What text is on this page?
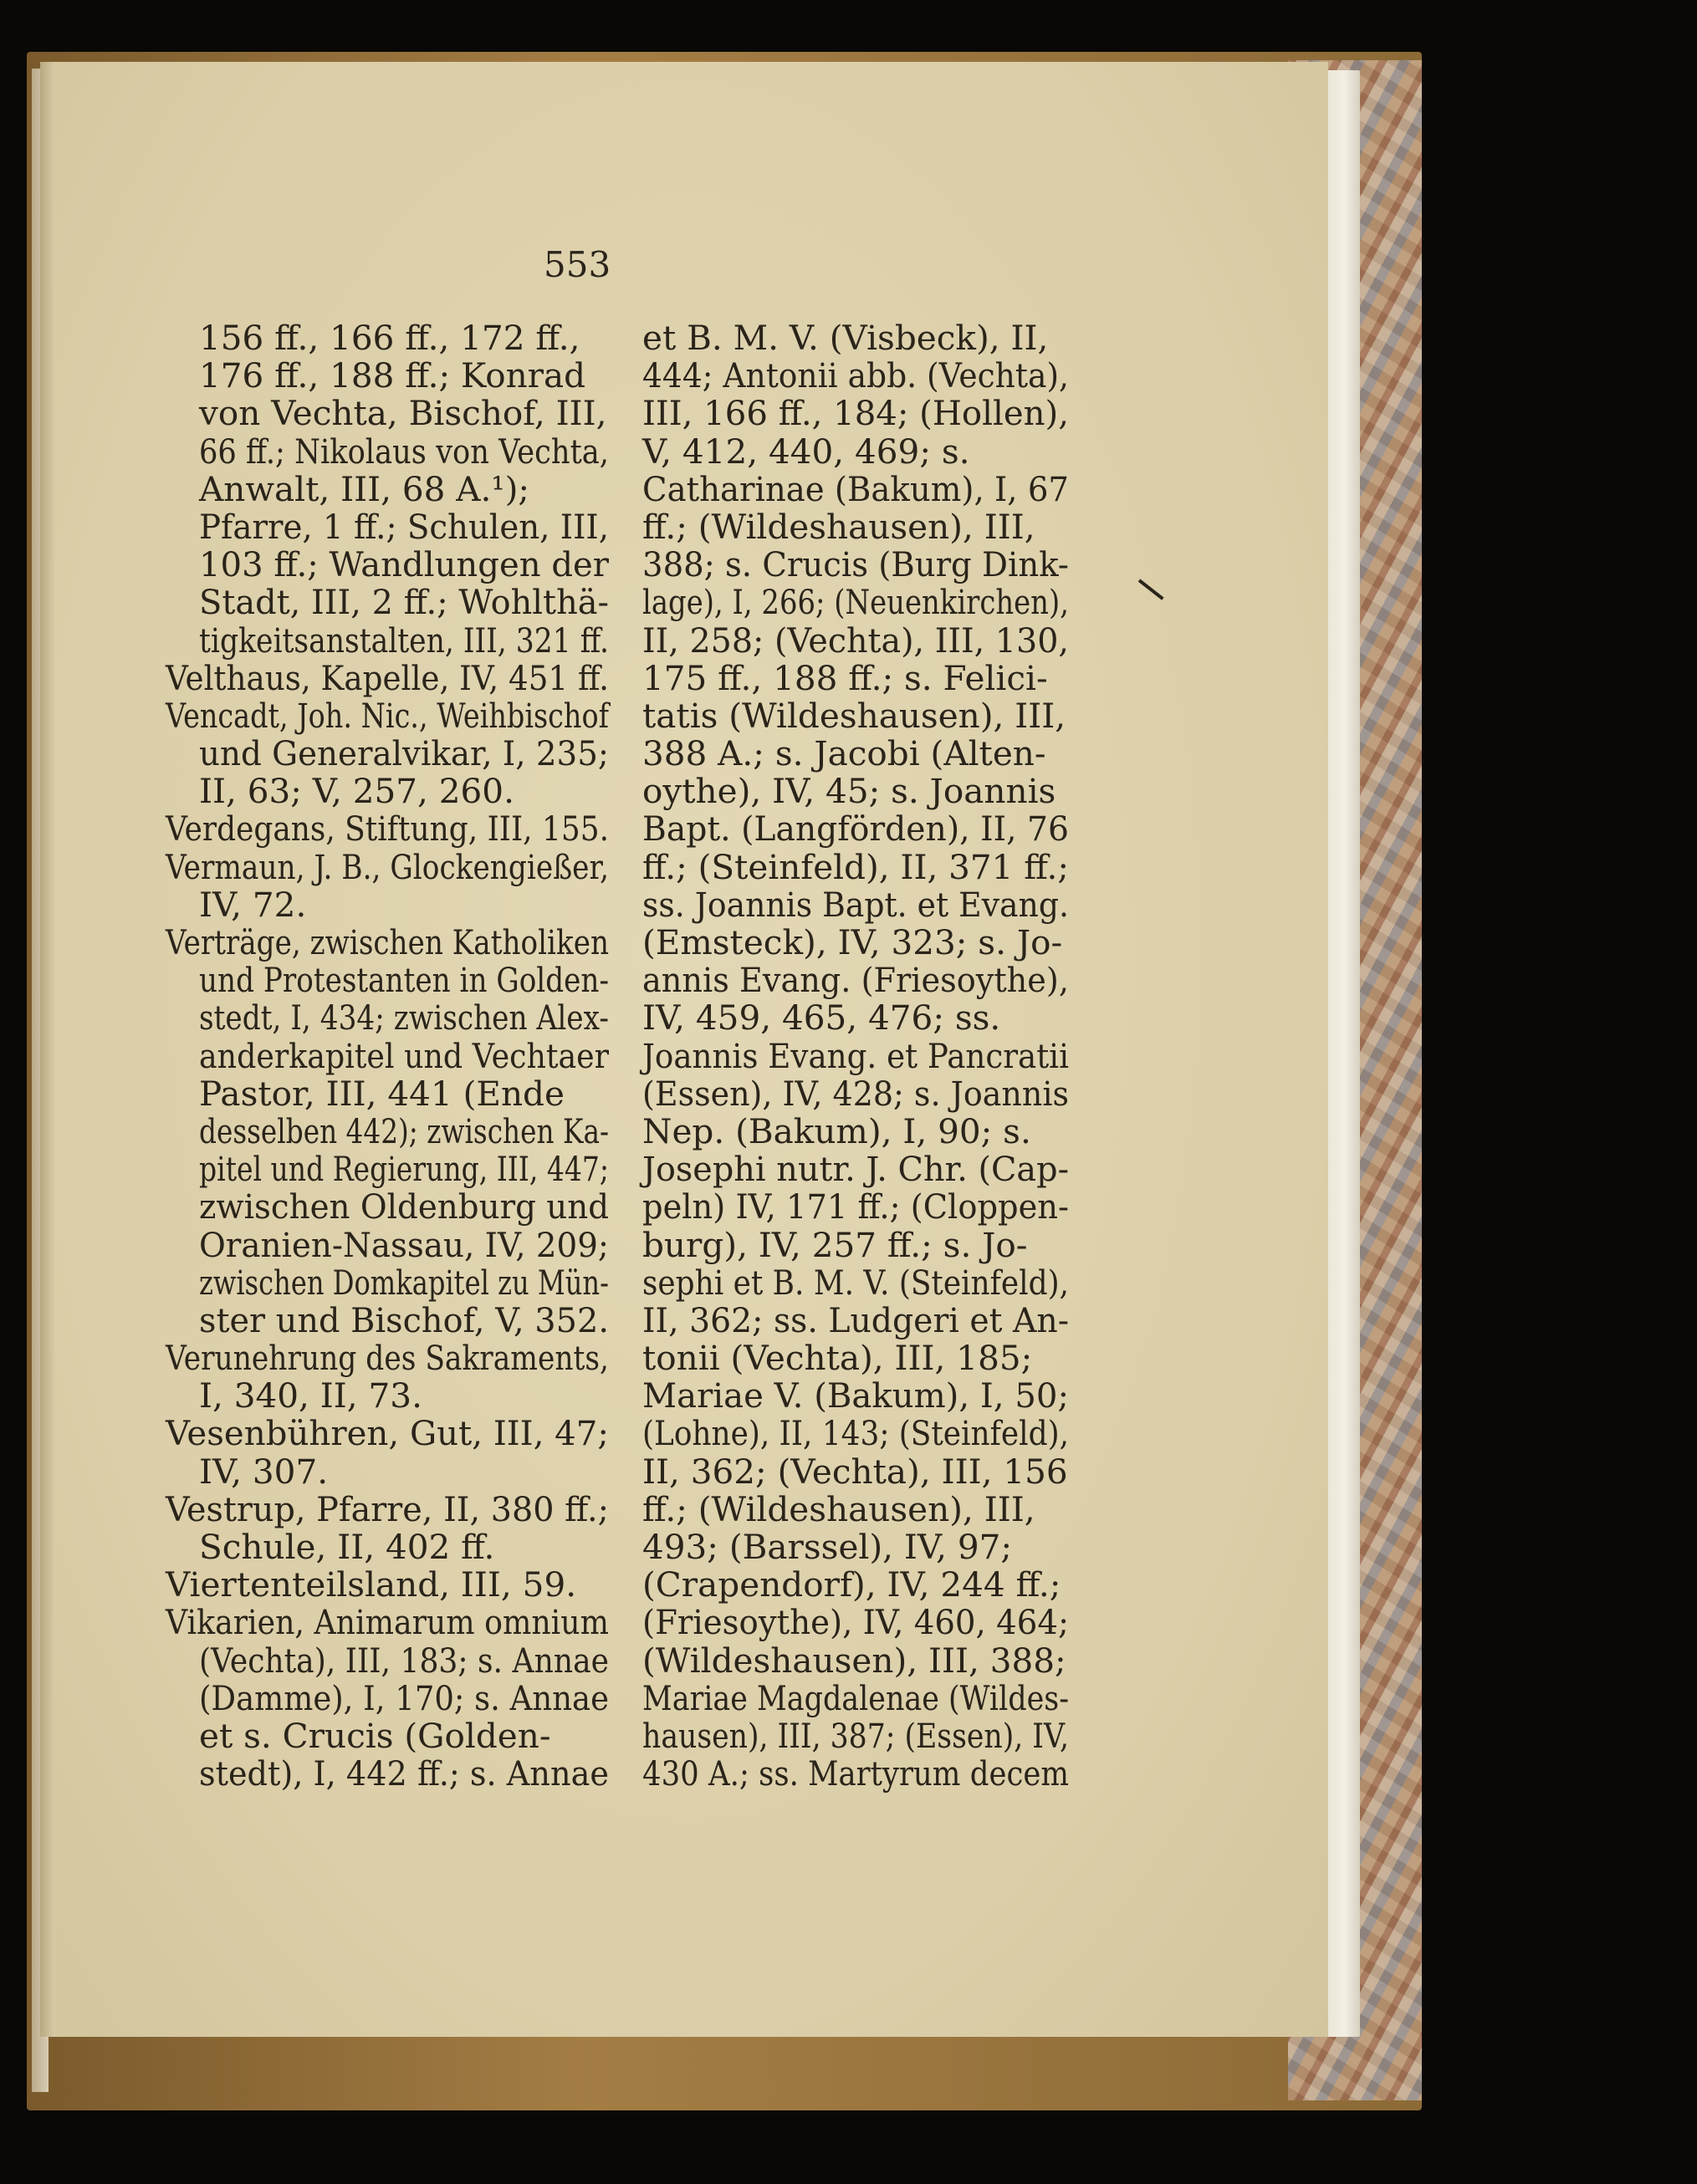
553
156 ff., 166 ff., 172 ff.,
176 ff., 188 ff.; Konrad
von Vechta, Bischof, III,
66 ff.; Nikolaus von Vechta,
Anwalt, III, 68 A.¹);
Pfarre, 1 ff.; Schulen, III,
103 ff.; Wandlungen der
Stadt, III, 2 ff.; Wohlthä-
tigkeitsanstalten, III, 321 ff.
Velthaus, Kapelle, IV, 451 ff.
Vencadt, Joh. Nic., Weihbischof
und Generalvikar, I, 235;
II, 63; V, 257, 260.
Verdegans, Stiftung, III, 155.
Vermaun, J. B., Glockengießer,
IV, 72.
Verträge, zwischen Katholiken
und Protestanten in Golden-
stedt, I, 434; zwischen Alex-
anderkapitel und Vechtaer
Pastor, III, 441 (Ende
desselben 442); zwischen Ka-
pitel und Regierung, III, 447;
zwischen Oldenburg und
Oranien-Nassau, IV, 209;
zwischen Domkapitel zu Mün-
ster und Bischof, V, 352.
Verunehrung des Sakraments,
I, 340, II, 73.
Vesenbühren, Gut, III, 47;
IV, 307.
Vestrup, Pfarre, II, 380 ff.;
Schule, II, 402 ff.
Viertenteilsland, III, 59.
Vikarien, Animarum omnium
(Vechta), III, 183; s. Annae
(Damme), I, 170; s. Annae
et s. Crucis (Golden-
stedt), I, 442 ff.; s. Annae
et B. M. V. (Visbeck), II,
444; Antonii abb. (Vechta),
III, 166 ff., 184; (Hollen),
V, 412, 440, 469; s.
Catharinae (Bakum), I, 67
ff.; (Wildeshausen), III,
388; s. Crucis (Burg Dink-
lage), I, 266; (Neuenkirchen),
II, 258; (Vechta), III, 130,
175 ff., 188 ff.; s. Felici-
tatis (Wildeshausen), III,
388 A.; s. Jacobi (Alten-
oythe), IV, 45; s. Joannis
Bapt. (Langförden), II, 76
ff.; (Steinfeld), II, 371 ff.;
ss. Joannis Bapt. et Evang.
(Emsteck), IV, 323; s. Jo-
annis Evang. (Friesoythe),
IV, 459, 465, 476; ss.
Joannis Evang. et Pancratii
(Essen), IV, 428; s. Joannis
Nep. (Bakum), I, 90; s.
Josephi nutr. J. Chr. (Cap-
peln) IV, 171 ff.; (Cloppen-
burg), IV, 257 ff.; s. Jo-
sephi et B. M. V. (Steinfeld),
II, 362; ss. Ludgeri et An-
tonii (Vechta), III, 185;
Mariae V. (Bakum), I, 50;
(Lohne), II, 143; (Steinfeld),
II, 362; (Vechta), III, 156
ff.; (Wildeshausen), III,
493; (Barssel), IV, 97;
(Crapendorf), IV, 244 ff.;
(Friesoythe), IV, 460, 464;
(Wildeshausen), III, 388;
Mariae Magdalenae (Wildes-
hausen), III, 387; (Essen), IV,
430 A.; ss. Martyrum decem
